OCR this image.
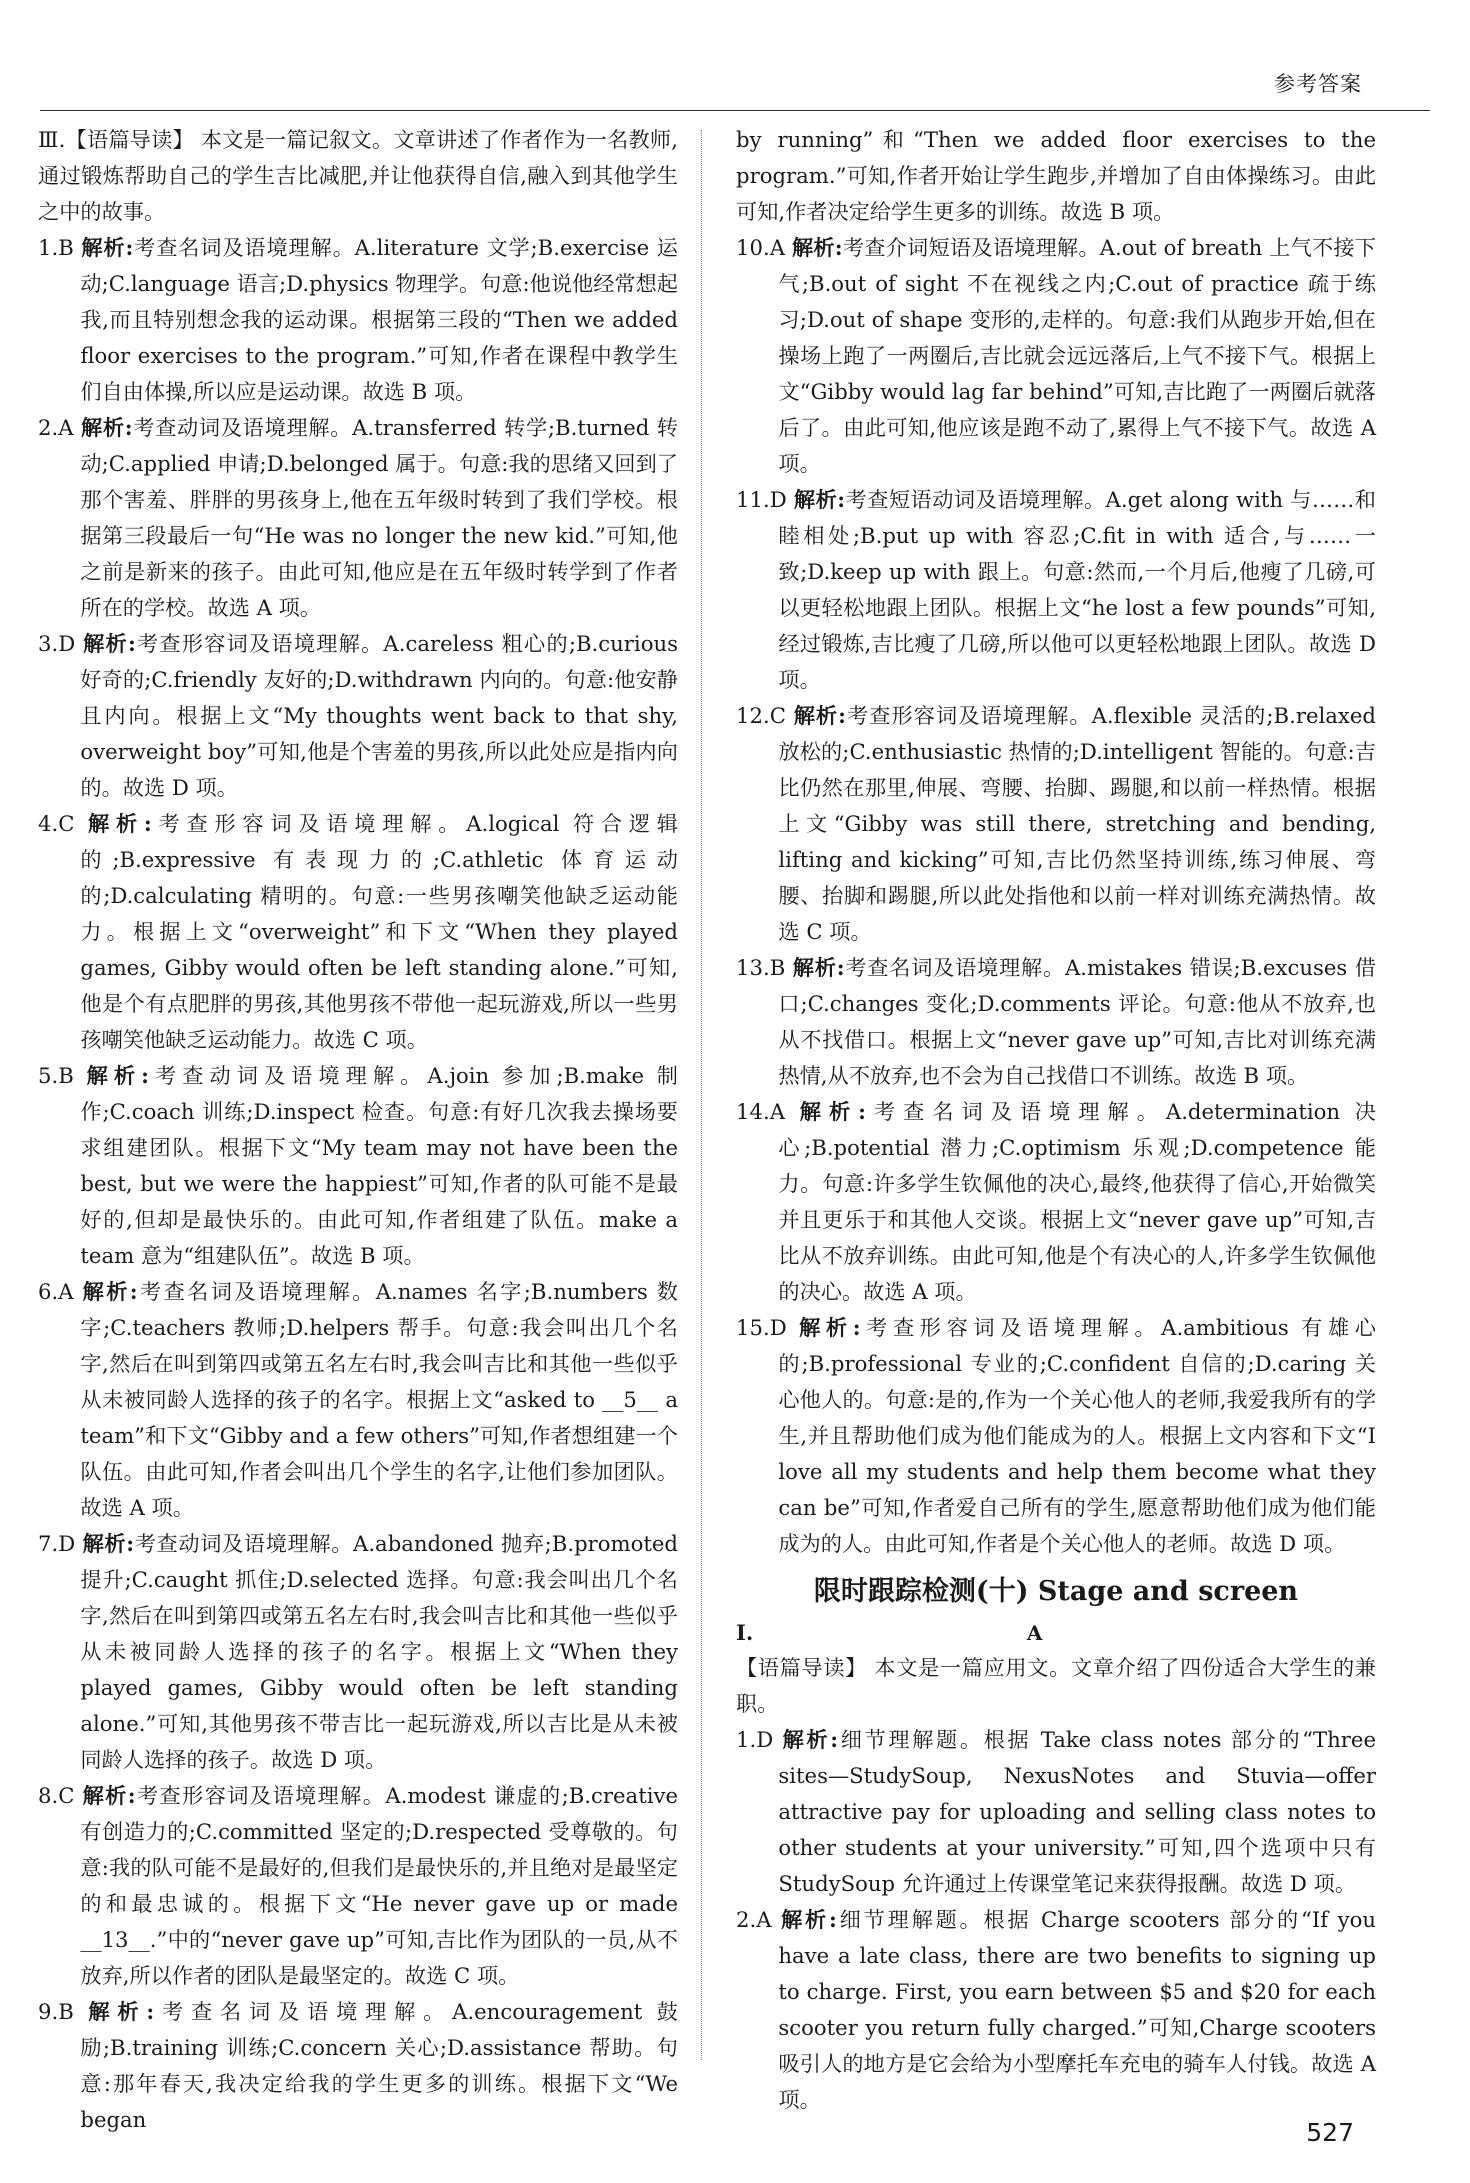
参考答案

Ⅲ.【语篇导读】 本文是一篇记叙文。文章讲述了作者作为一名教师,通过锻炼帮助自己的学生吉比减肥,并让他获得自信,融入到其他学生之中的故事。

1.B 解析:考查名词及语境理解。A.literature 文学;B.exercise 运动;C.language 语言;D.physics 物理学。句意:他说他经常想起我,而且特别想念我的运动课。根据第三段的“Then we added floor exercises to the program.”可知,作者在课程中教学生们自由体操,所以应是运动课。故选 B 项。

2.A 解析:考查动词及语境理解。A.transferred 转学;B.turned 转动;C.applied 申请;D.belonged 属于。句意:我的思绪又回到了那个害羞、胖胖的男孩身上,他在五年级时转到了我们学校。根据第三段最后一句“He was no longer the new kid.”可知,他之前是新来的孩子。由此可知,他应是在五年级时转学到了作者所在的学校。故选 A 项。

3.D 解析:考查形容词及语境理解。A.careless 粗心的;B.curious 好奇的;C.friendly 友好的;D.withdrawn 内向的。句意:他安静且内向。根据上文“My thoughts went back to that shy, overweight boy”可知,他是个害羞的男孩,所以此处应是指内向的。故选 D 项。

4.C 解析:考查形容词及语境理解。A.logical 符合逻辑的;B.expressive 有表现力的;C.athletic 体育运动的;D.calculating 精明的。句意:一些男孩嘲笑他缺乏运动能力。根据上文“overweight”和下文“When they played games, Gibby would often be left standing alone.”可知,他是个有点肥胖的男孩,其他男孩不带他一起玩游戏,所以一些男孩嘲笑他缺乏运动能力。故选 C 项。

5.B 解析:考查动词及语境理解。A.join 参加;B.make 制作;C.coach 训练;D.inspect 检查。句意:有好几次我去操场要求组建团队。根据下文“My team may not have been the best, but we were the happiest”可知,作者的队可能不是最好的,但却是最快乐的。由此可知,作者组建了队伍。make a team 意为“组建队伍”。故选 B 项。

6.A 解析:考查名词及语境理解。A.names 名字;B.numbers 数字;C.teachers 教师;D.helpers 帮手。句意:我会叫出几个名字,然后在叫到第四或第五名左右时,我会叫吉比和其他一些似乎从未被同龄人选择的孩子的名字。根据上文“asked to __5__ a team”和下文“Gibby and a few others”可知,作者想组建一个队伍。由此可知,作者会叫出几个学生的名字,让他们参加团队。故选 A 项。

7.D 解析:考查动词及语境理解。A.abandoned 抛弃;B.promoted 提升;C.caught 抓住;D.selected 选择。句意:我会叫出几个名字,然后在叫到第四或第五名左右时,我会叫吉比和其他一些似乎从未被同龄人选择的孩子的名字。根据上文“When they played games, Gibby would often be left standing alone.”可知,其他男孩不带吉比一起玩游戏,所以吉比是从未被同龄人选择的孩子。故选 D 项。

8.C 解析:考查形容词及语境理解。A.modest 谦虚的;B.creative 有创造力的;C.committed 坚定的;D.respected 受尊敬的。句意:我的队可能不是最好的,但我们是最快乐的,并且绝对是最坚定的和最忠诚的。根据下文“He never gave up or made __13__.”中的“never gave up”可知,吉比作为团队的一员,从不放弃,所以作者的团队是最坚定的。故选 C 项。

9.B 解析:考查名词及语境理解。A.encouragement 鼓励;B.training 训练;C.concern 关心;D.assistance 帮助。句意:那年春天,我决定给我的学生更多的训练。根据下文“We began

by running”和“Then we added floor exercises to the program.”可知,作者开始让学生跑步,并增加了自由体操练习。由此可知,作者决定给学生更多的训练。故选 B 项。

10.A 解析:考查介词短语及语境理解。A.out of breath 上气不接下气;B.out of sight 不在视线之内;C.out of practice 疏于练习;D.out of shape 变形的,走样的。句意:我们从跑步开始,但在操场上跑了一两圈后,吉比就会远远落后,上气不接下气。根据上文“Gibby would lag far behind”可知,吉比跑了一两圈后就落后了。由此可知,他应该是跑不动了,累得上气不接下气。故选 A 项。

11.D 解析:考查短语动词及语境理解。A.get along with 与……和睦相处;B.put up with 容忍;C.fit in with 适合,与……一致;D.keep up with 跟上。句意:然而,一个月后,他瘦了几磅,可以更轻松地跟上团队。根据上文“he lost a few pounds”可知,经过锻炼,吉比瘦了几磅,所以他可以更轻松地跟上团队。故选 D 项。

12.C 解析:考查形容词及语境理解。A.flexible 灵活的;B.relaxed 放松的;C.enthusiastic 热情的;D.intelligent 智能的。句意:吉比仍然在那里,伸展、弯腰、抬脚、踢腿,和以前一样热情。根据上文“Gibby was still there, stretching and bending, lifting and kicking”可知,吉比仍然坚持训练,练习伸展、弯腰、抬脚和踢腿,所以此处指他和以前一样对训练充满热情。故选 C 项。

13.B 解析:考查名词及语境理解。A.mistakes 错误;B.excuses 借口;C.changes 变化;D.comments 评论。句意:他从不放弃,也从不找借口。根据上文“never gave up”可知,吉比对训练充满热情,从不放弃,也不会为自己找借口不训练。故选 B 项。

14.A 解析:考查名词及语境理解。A.determination 决心;B.potential 潜力;C.optimism 乐观;D.competence 能力。句意:许多学生钦佩他的决心,最终,他获得了信心,开始微笑并且更乐于和其他人交谈。根据上文“never gave up”可知,吉比从不放弃训练。由此可知,他是个有决心的人,许多学生钦佩他的决心。故选 A 项。

15.D 解析:考查形容词及语境理解。A.ambitious 有雄心的;B.professional 专业的;C.confident 自信的;D.caring 关心他人的。句意:是的,作为一个关心他人的老师,我爱我所有的学生,并且帮助他们成为他们能成为的人。根据上文内容和下文“I love all my students and help them become what they can be”可知,作者爱自己所有的学生,愿意帮助他们成为他们能成为的人。由此可知,作者是个关心他人的老师。故选 D 项。

限时跟踪检测(十) Stage and screen
Ⅰ.	A

【语篇导读】 本文是一篇应用文。文章介绍了四份适合大学生的兼职。

1.D 解析:细节理解题。根据 Take class notes 部分的“Three sites—StudySoup, NexusNotes and Stuvia—offer attractive pay for uploading and selling class notes to other students at your university.”可知,四个选项中只有 StudySoup 允许通过上传课堂笔记来获得报酬。故选 D 项。

2.A 解析:细节理解题。根据 Charge scooters 部分的“If you have a late class, there are two benefits to signing up to charge. First, you earn between $5 and $20 for each scooter you return fully charged.”可知,Charge scooters 吸引人的地方是它会给为小型摩托车充电的骑车人付钱。故选 A 项。

527
